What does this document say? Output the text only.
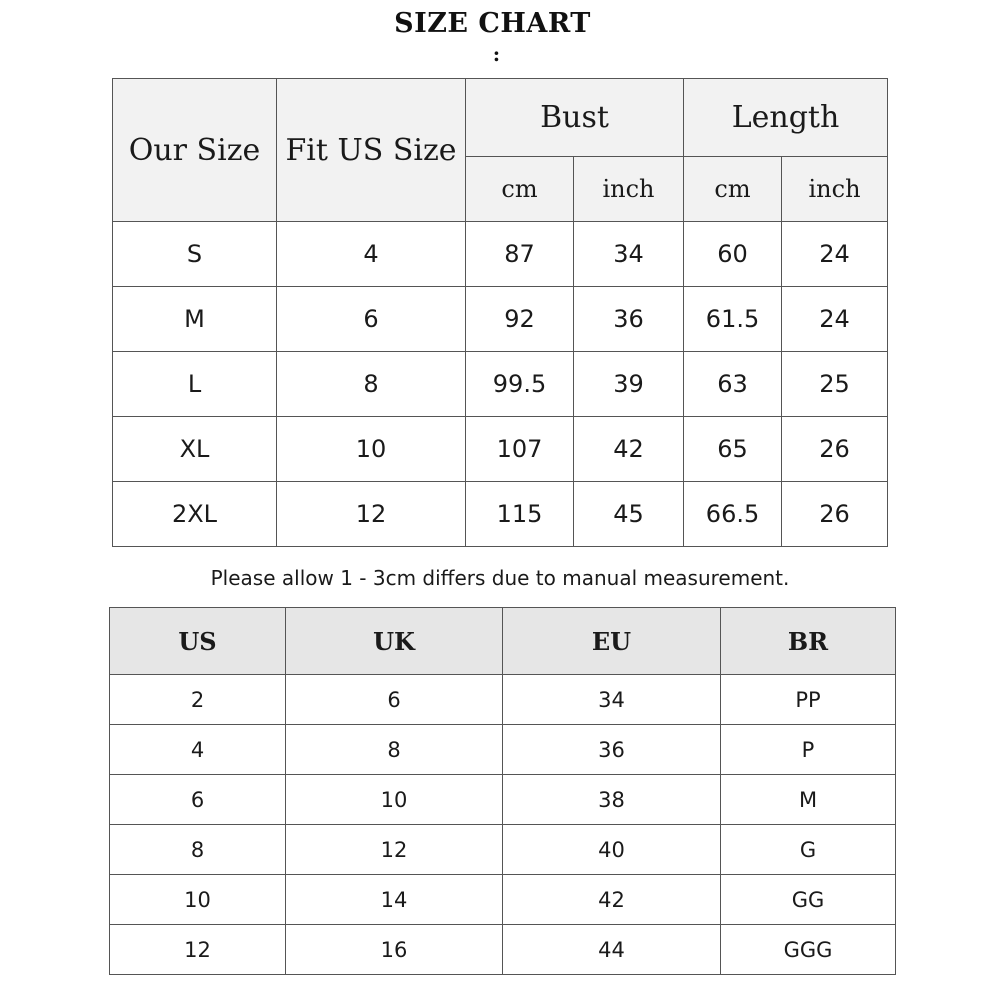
SIZE CHART
:
Our Size	Fit US Size	Bust		Length	
		cm	inch	cm	inch
S	4	87	34	60	24
M	6	92	36	61.5	24
L	8	99.5	39	63	25
XL	10	107	42	65	26
2XL	12	115	45	66.5	26
Please allow 1 - 3cm differs due to manual measurement.
US	UK	EU	BR
2	6	34	PP
4	8	36	P
6	10	38	M
8	12	40	G
10	14	42	GG
12	16	44	GGG
